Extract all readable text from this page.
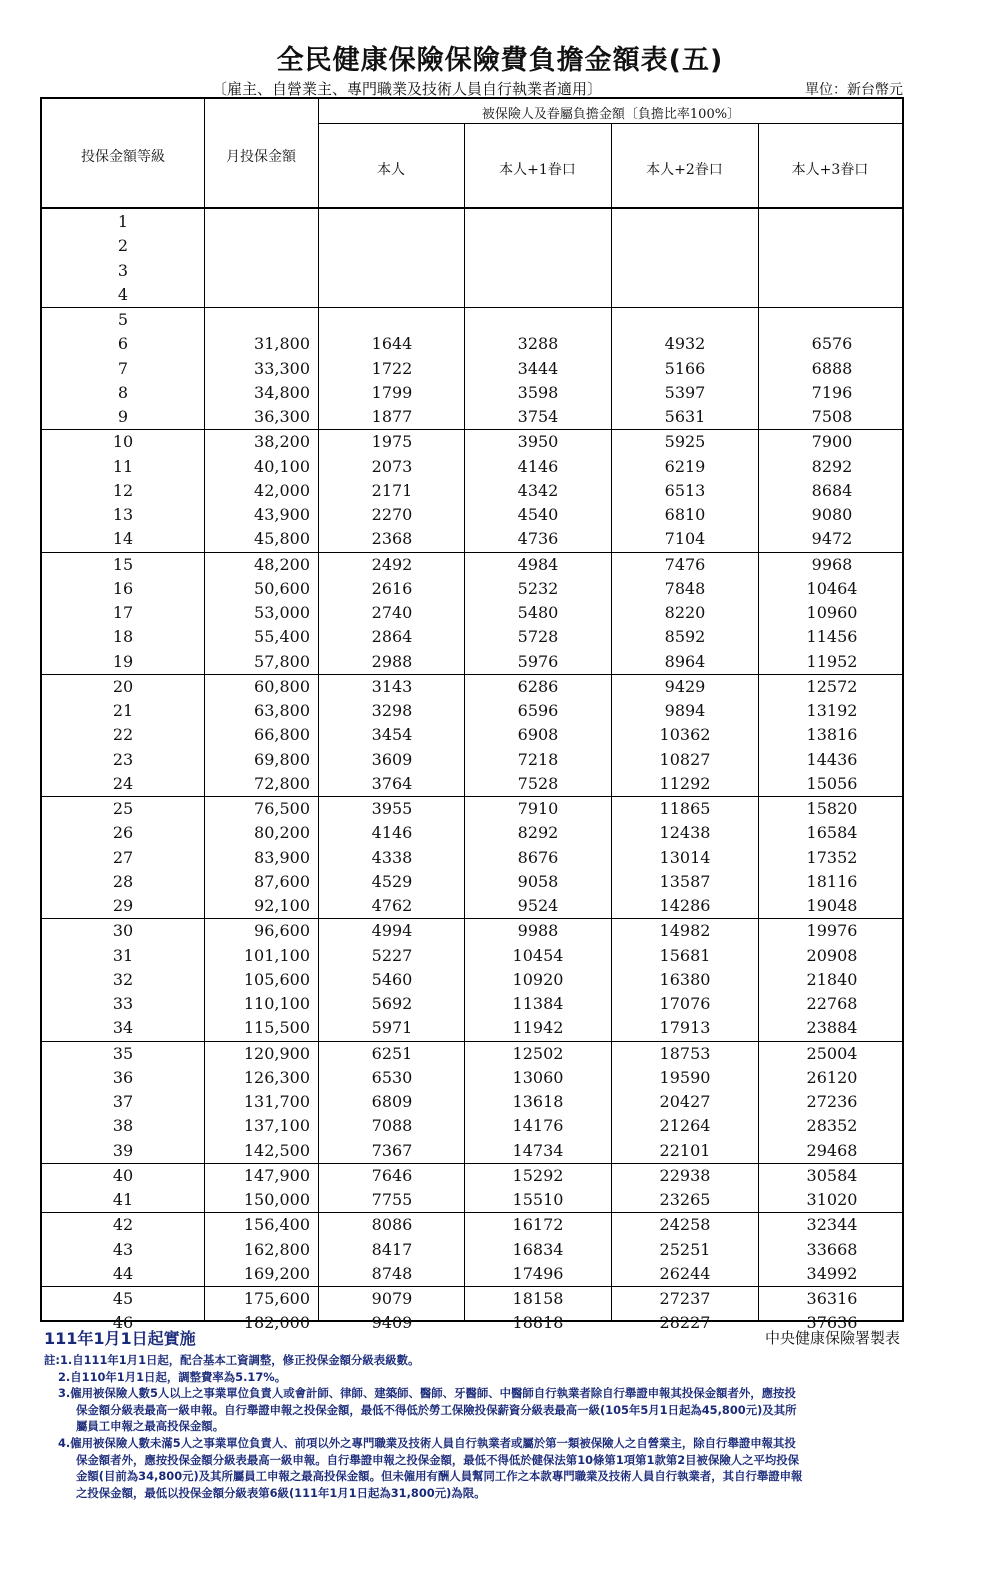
全民健康保險保險費負擔金額表(五)
〔雇主、自營業主、專門職業及技術人員自行執業者適用〕	單位：新台幣元
投保金額等級	月投保金額
被保險人及眷屬負擔金額〔負擔比率100%〕
本人	本人+1眷口	本人+2眷口	本人+3眷口
1
2
3
4
5
6	31,800	1644	3288	4932	6576
7	33,300	1722	3444	5166	6888
8	34,800	1799	3598	5397	7196
9	36,300	1877	3754	5631	7508
10	38,200	1975	3950	5925	7900
11	40,100	2073	4146	6219	8292
12	42,000	2171	4342	6513	8684
13	43,900	2270	4540	6810	9080
14	45,800	2368	4736	7104	9472
15	48,200	2492	4984	7476	9968
16	50,600	2616	5232	7848	10464
17	53,000	2740	5480	8220	10960
18	55,400	2864	5728	8592	11456
19	57,800	2988	5976	8964	11952
20	60,800	3143	6286	9429	12572
21	63,800	3298	6596	9894	13192
22	66,800	3454	6908	10362	13816
23	69,800	3609	7218	10827	14436
24	72,800	3764	7528	11292	15056
25	76,500	3955	7910	11865	15820
26	80,200	4146	8292	12438	16584
27	83,900	4338	8676	13014	17352
28	87,600	4529	9058	13587	18116
29	92,100	4762	9524	14286	19048
30	96,600	4994	9988	14982	19976
31	101,100	5227	10454	15681	20908
32	105,600	5460	10920	16380	21840
33	110,100	5692	11384	17076	22768
34	115,500	5971	11942	17913	23884
35	120,900	6251	12502	18753	25004
36	126,300	6530	13060	19590	26120
37	131,700	6809	13618	20427	27236
38	137,100	7088	14176	21264	28352
39	142,500	7367	14734	22101	29468
40	147,900	7646	15292	22938	30584
41	150,000	7755	15510	23265	31020
42	156,400	8086	16172	24258	32344
43	162,800	8417	16834	25251	33668
44	169,200	8748	17496	26244	34992
45	175,600	9079	18158	27237	36316
46	182,000	9409	18818	28227	37636
111年1月1日起實施	中央健康保險署製表
註:1.自111年1月1日起，配合基本工資調整，修正投保金額分級表級數。
2.自110年1月1日起，調整費率為5.17%。
3.僱用被保險人數5人以上之事業單位負責人或會計師、律師、建築師、醫師、牙醫師、中醫師自行執業者除自行舉證申報其投保金額者外，應按投保金額分級表最高一級申報。自行舉證申報之投保金額，最低不得低於勞工保險投保薪資分級表最高一級(105年5月1日起為45,800元)及其所屬員工申報之最高投保金額。
4.僱用被保險人數未滿5人之事業單位負責人、前項以外之專門職業及技術人員自行執業者或屬於第一類被保險人之自營業主，除自行舉證申報其投保金額者外，應按投保金額分級表最高一級申報。自行舉證申報之投保金額，最低不得低於健保法第10條第1項第1款第2目被保險人之平均投保金額(目前為34,800元)及其所屬員工申報之最高投保金額。但未僱用有酬人員幫同工作之本款專門職業及技術人員自行執業者，其自行舉證申報之投保金額，最低以投保金額分級表第6級(111年1月1日起為31,800元)為限。
